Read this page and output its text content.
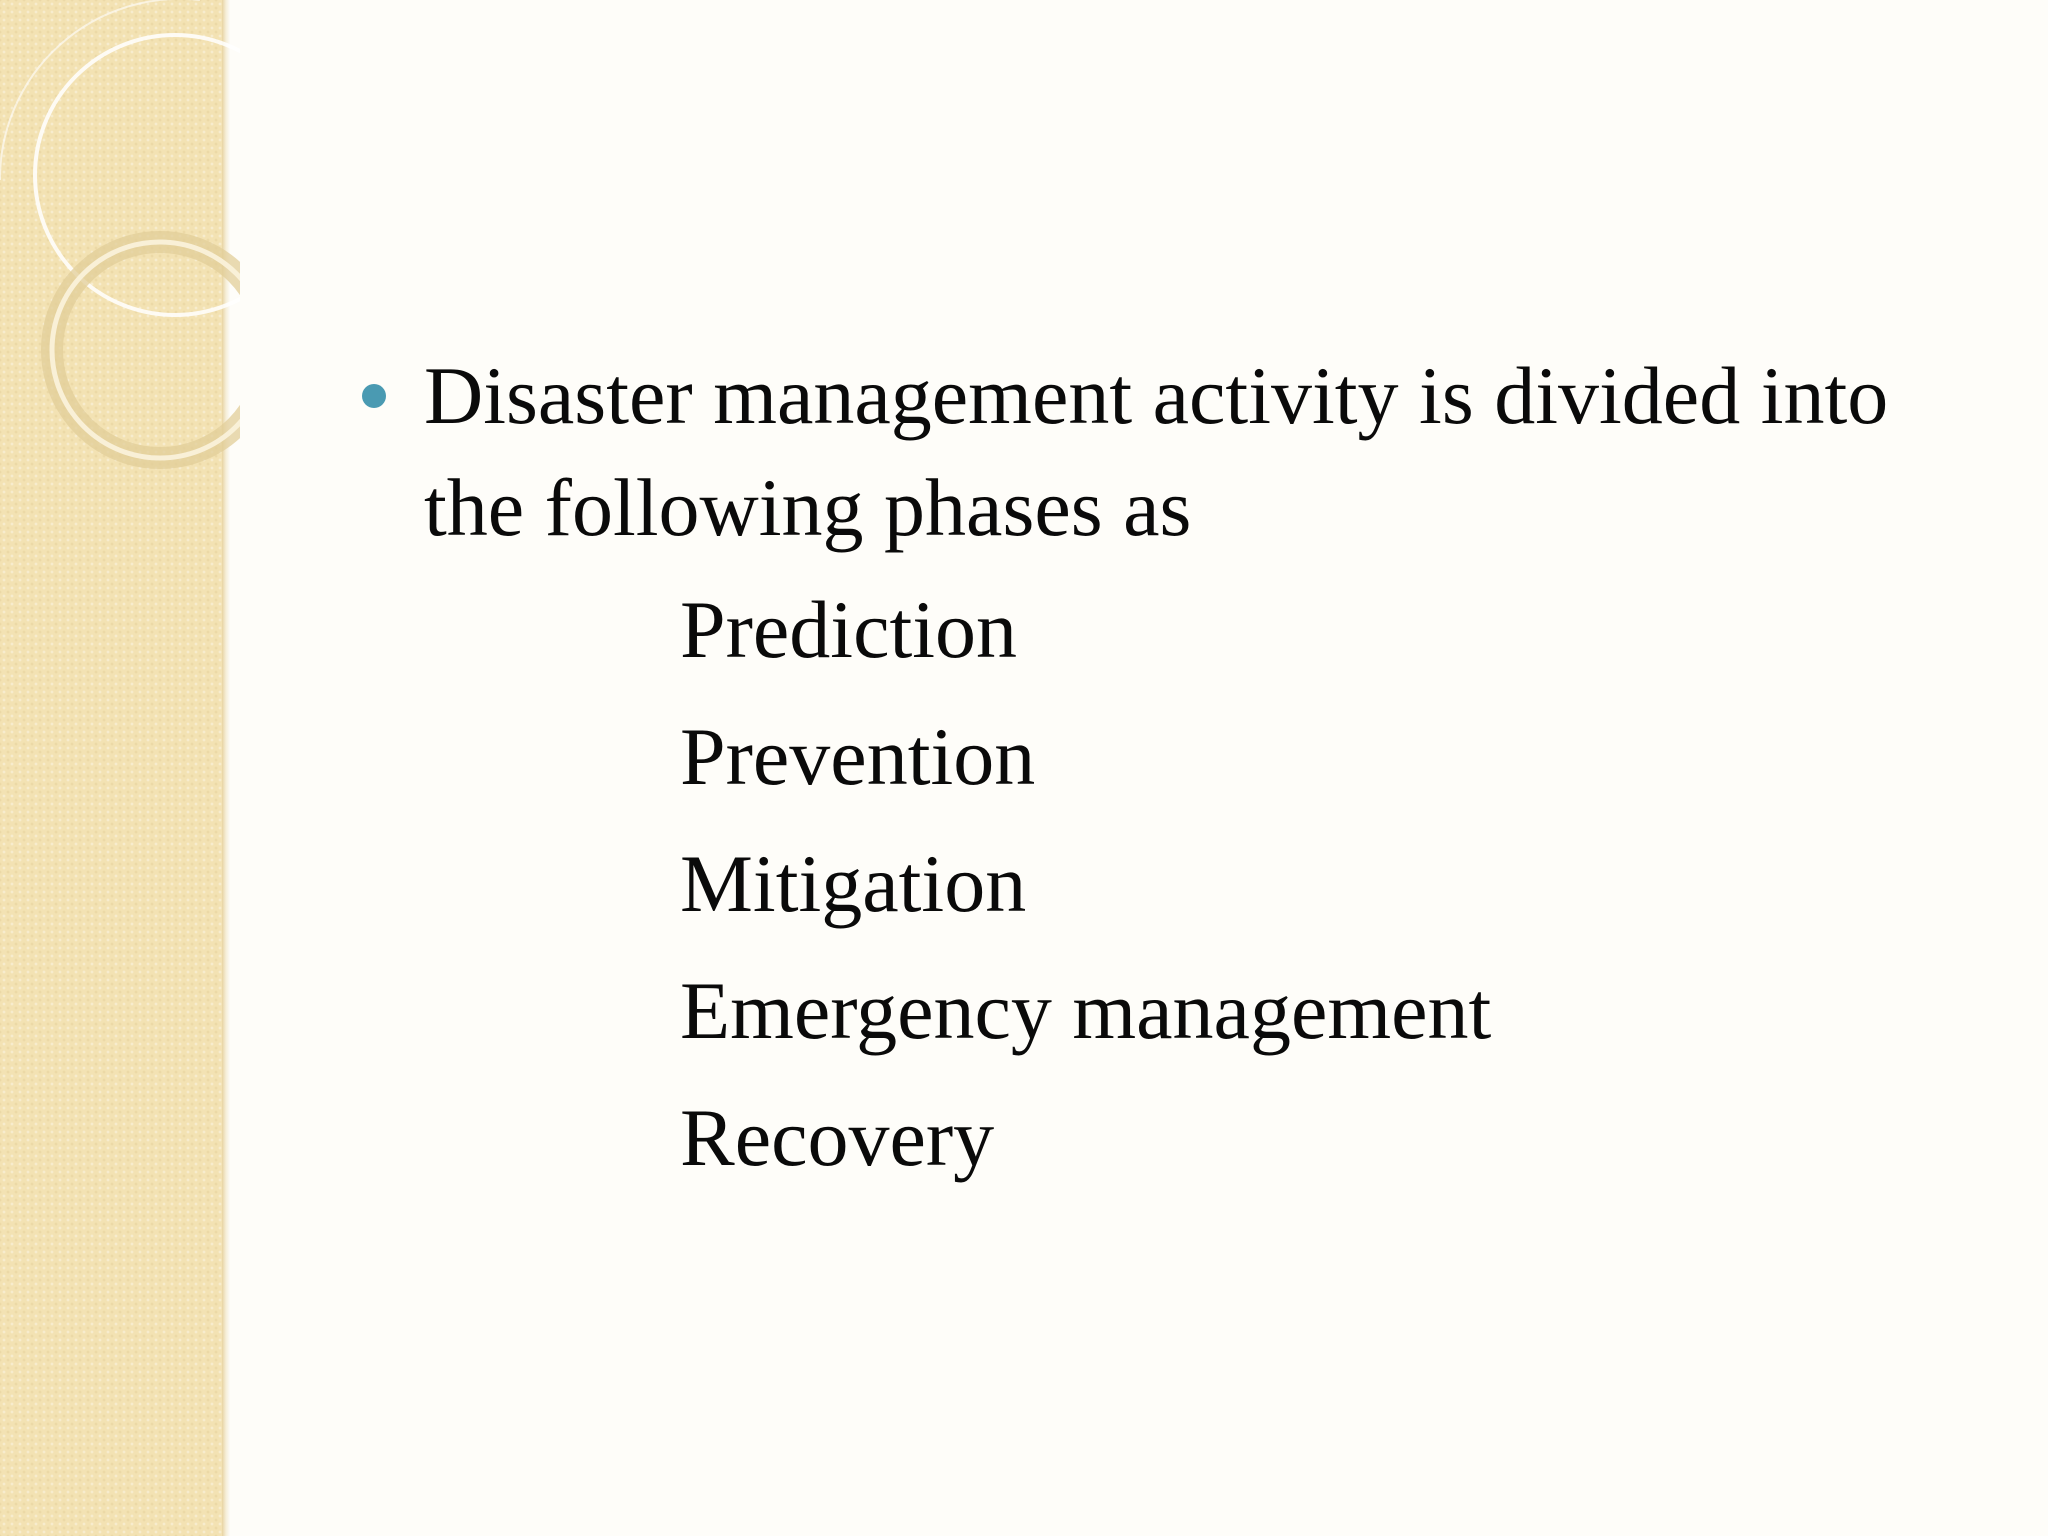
Disaster management activity is divided into the following phases as
Prediction
Prevention
Mitigation
Emergency management
Recovery
